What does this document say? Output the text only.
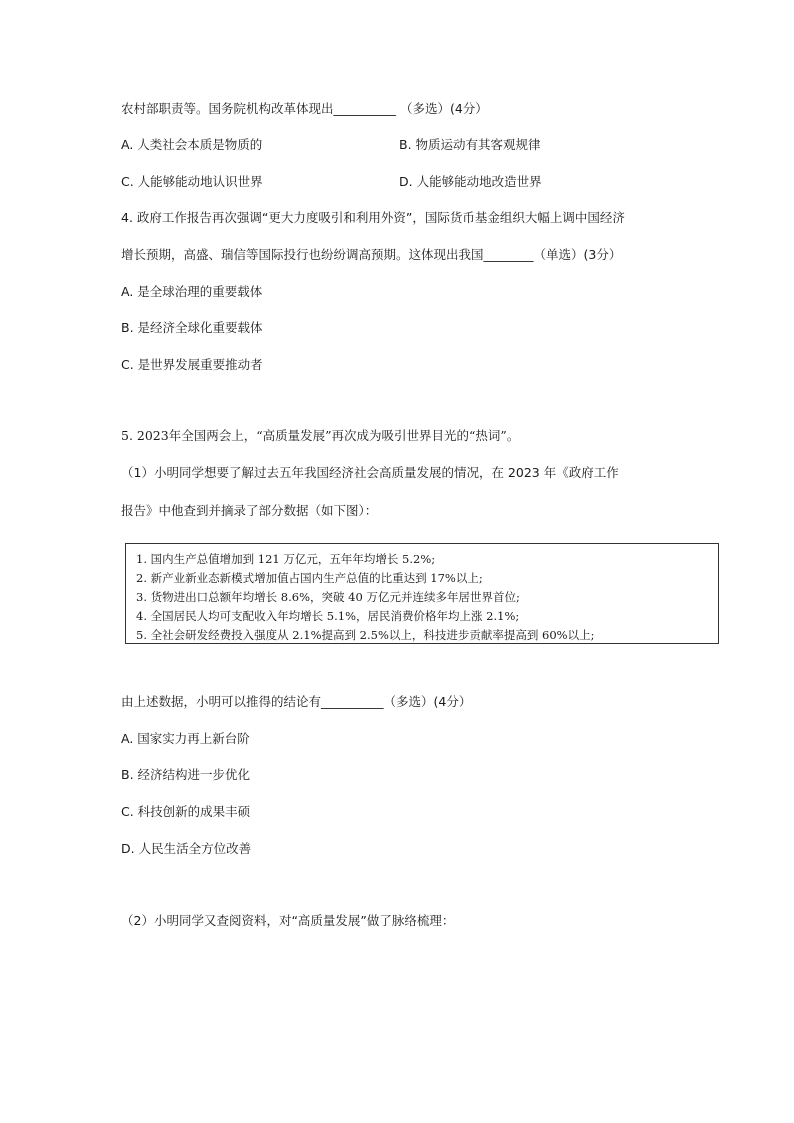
农村部职责等。国务院机构改革体现出__________ （多选）(4分）
A. 人类社会本质是物质的	B. 物质运动有其客观规律
C. 人能够能动地认识世界	D. 人能够能动地改造世界
4. 政府工作报告再次强调“更大力度吸引和利用外资”，国际货币基金组织大幅上调中国经济
增长预期，高盛、瑞信等国际投行也纷纷调高预期。这体现出我国________（单选）(3分）
A. 是全球治理的重要载体
B. 是经济全球化重要载体
C. 是世界发展重要推动者
5. 2023年全国两会上，“高质量发展”再次成为吸引世界目光的“热词”。
（1）小明同学想要了解过去五年我国经济社会高质量发展的情况，在 2023 年《政府工作
报告》中他查到并摘录了部分数据（如下图）：
1. 国内生产总值增加到 121 万亿元，五年年均增长 5.2%;
2. 新产业新业态新模式增加值占国内生产总值的比重达到 17%以上;
3. 货物进出口总额年均增长 8.6%，突破 40 万亿元并连续多年居世界首位;
4. 全国居民人均可支配收入年均增长 5.1%，居民消费价格年均上涨 2.1%;
5. 全社会研发经费投入强度从 2.1%提高到 2.5%以上，科技进步贡献率提高到 60%以上;
由上述数据，小明可以推得的结论有__________（多选）(4分）
A. 国家实力再上新台阶
B. 经济结构进一步优化
C. 科技创新的成果丰硕
D. 人民生活全方位改善
（2）小明同学又查阅资料，对“高质量发展”做了脉络梳理：
